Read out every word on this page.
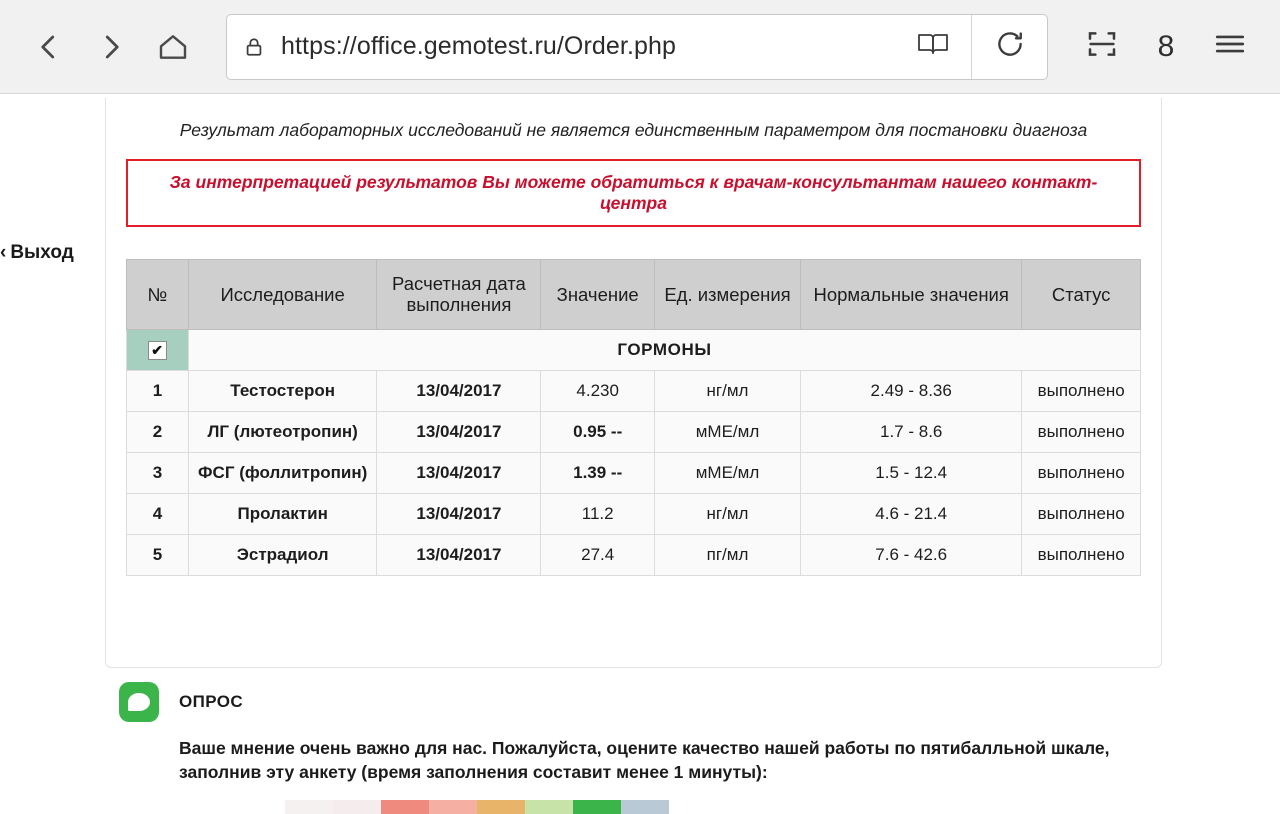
https://office.gemotest.ru/Order.php	8
‹ Выход
Результат лабораторных исследований не является единственным параметром для постановки диагноза
За интерпретацией результатов Вы можете обратиться к врачам-консультантам нашего контакт-центра
№	Исследование	Расчетная дата выполнения	Значение	Ед. измерения	Нормальные значения	Статус
✔	ГОРМОНЫ					
1	Тестостерон	13/04/2017	4.230	нг/мл	2.49 - 8.36	выполнено
2	ЛГ (лютеотропин)	13/04/2017	0.95 --	мМЕ/мл	1.7 - 8.6	выполнено
3	ФСГ (фоллитропин)	13/04/2017	1.39 --	мМЕ/мл	1.5 - 12.4	выполнено
4	Пролактин	13/04/2017	11.2	нг/мл	4.6 - 21.4	выполнено
5	Эстрадиол	13/04/2017	27.4	пг/мл	7.6 - 42.6	выполнено
ОПРОС
Ваше мнение очень важно для нас. Пожалуйста, оцените качество нашей работы по пятибалльной шкале, заполнив эту анкету (время заполнения составит менее 1 минуты):
